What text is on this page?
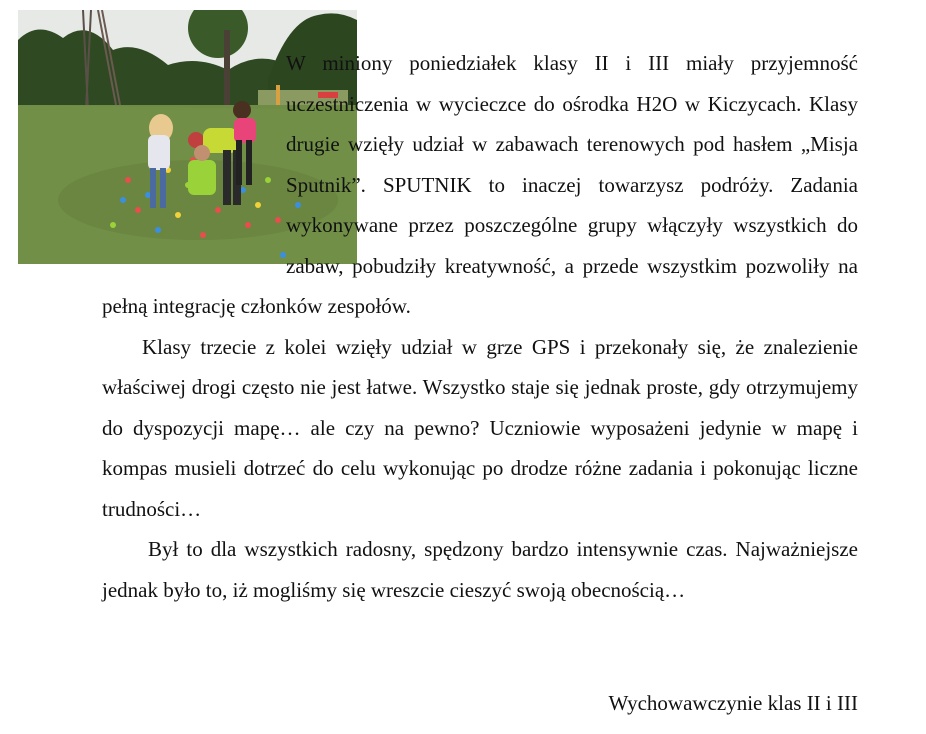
W miniony poniedziałek klasy II i III miały przyjemność uczestniczenia w wycieczce do ośrodka H2O w Kiczycach. Klasy drugie wzięły udział w zabawach terenowych pod hasłem „Misja Sputnik”. SPUTNIK to inaczej towarzysz podróży. Zadania wykonywane przez poszczególne grupy włączyły wszystkich do zabaw, pobudziły kreatywność, a przede wszystkim pozwoliły na pełną integrację członków zespołów.

Klasy trzecie z kolei wzięły udział w grze GPS i przekonały się, że znalezienie właściwej drogi często nie jest łatwe. Wszystko staje się jednak proste, gdy otrzymujemy do dyspozycji mapę… ale czy na pewno? Uczniowie wyposażeni jedynie w mapę i kompas musieli dotrzeć do celu wykonując po drodze różne zadania i pokonując liczne trudności…

Był to dla wszystkich radosny, spędzony bardzo intensywnie czas. Najważniejsze jednak było to, iż mogliśmy się wreszcie cieszyć swoją obecnością…

Wychowawczynie klas II i III
